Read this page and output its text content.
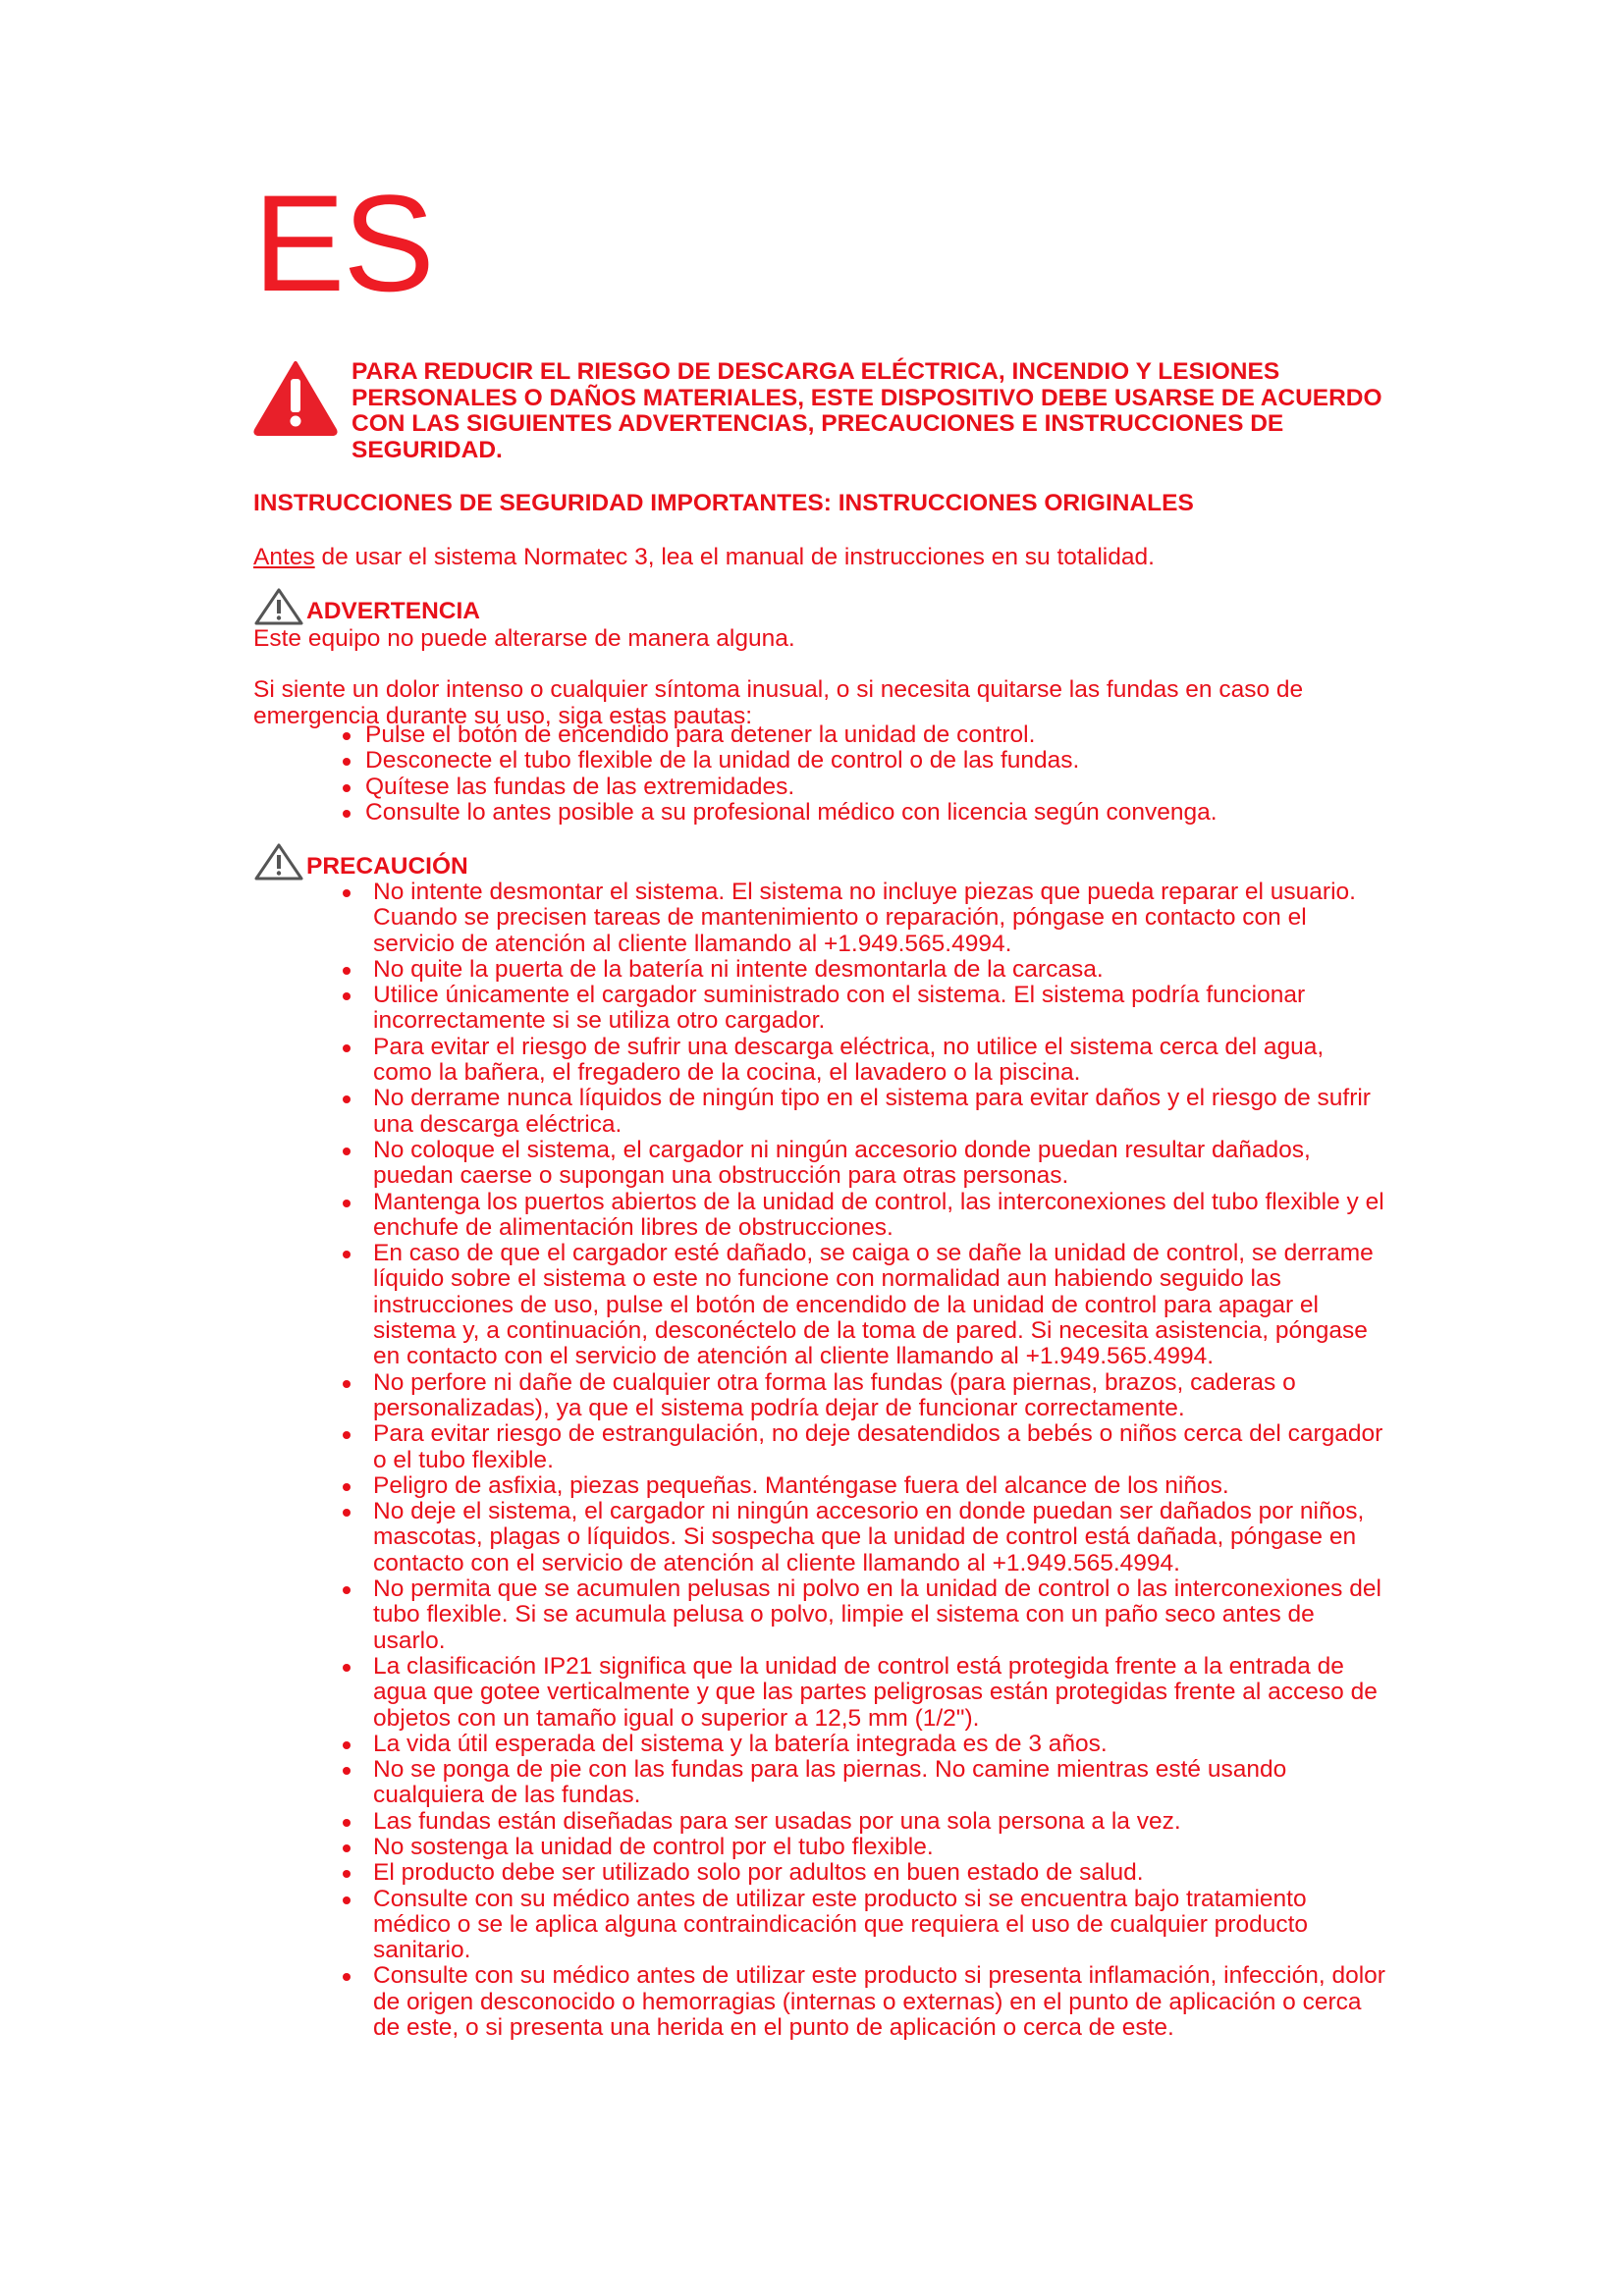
ES
PARA REDUCIR EL RIESGO DE DESCARGA ELÉCTRICA, INCENDIO Y LESIONES PERSONALES O DAÑOS MATERIALES, ESTE DISPOSITIVO DEBE USARSE DE ACUERDO CON LAS SIGUIENTES ADVERTENCIAS, PRECAUCIONES E INSTRUCCIONES DE SEGURIDAD.
INSTRUCCIONES DE SEGURIDAD IMPORTANTES: INSTRUCCIONES ORIGINALES
Antes de usar el sistema Normatec 3, lea el manual de instrucciones en su totalidad.
ADVERTENCIA

Este equipo no puede alterarse de manera alguna.

Si siente un dolor intenso o cualquier síntoma inusual, o si necesita quitarse las fundas en caso de emergencia durante su uso, siga estas pautas:

Pulse el botón de encendido para detener la unidad de control.
Desconecte el tubo flexible de la unidad de control o de las fundas.
Quítese las fundas de las extremidades.
Consulte lo antes posible a su profesional médico con licencia según convenga.
PRECAUCIÓN
No intente desmontar el sistema. El sistema no incluye piezas que pueda reparar el usuario. Cuando se precisen tareas de mantenimiento o reparación, póngase en contacto con el servicio de atención al cliente llamando al +1.949.565.4994.
No quite la puerta de la batería ni intente desmontarla de la carcasa.
Utilice únicamente el cargador suministrado con el sistema. El sistema podría funcionar incorrectamente si se utiliza otro cargador.
Para evitar el riesgo de sufrir una descarga eléctrica, no utilice el sistema cerca del agua, como la bañera, el fregadero de la cocina, el lavadero o la piscina.
No derrame nunca líquidos de ningún tipo en el sistema para evitar daños y el riesgo de sufrir una descarga eléctrica.
No coloque el sistema, el cargador ni ningún accesorio donde puedan resultar dañados, puedan caerse o supongan una obstrucción para otras personas.
Mantenga los puertos abiertos de la unidad de control, las interconexiones del tubo flexible y el enchufe de alimentación libres de obstrucciones.
En caso de que el cargador esté dañado, se caiga o se dañe la unidad de control, se derrame líquido sobre el sistema o este no funcione con normalidad aun habiendo seguido las instrucciones de uso, pulse el botón de encendido de la unidad de control para apagar el sistema y, a continuación, desconéctelo de la toma de pared. Si necesita asistencia, póngase en contacto con el servicio de atención al cliente llamando al +1.949.565.4994.
No perfore ni dañe de cualquier otra forma las fundas (para piernas, brazos, caderas o personalizadas), ya que el sistema podría dejar de funcionar correctamente.
Para evitar riesgo de estrangulación, no deje desatendidos a bebés o niños cerca del cargador o el tubo flexible.
Peligro de asfixia, piezas pequeñas. Manténgase fuera del alcance de los niños.
No deje el sistema, el cargador ni ningún accesorio en donde puedan ser dañados por niños, mascotas, plagas o líquidos. Si sospecha que la unidad de control está dañada, póngase en contacto con el servicio de atención al cliente llamando al +1.949.565.4994.
No permita que se acumulen pelusas ni polvo en la unidad de control o las interconexiones del tubo flexible. Si se acumula pelusa o polvo, limpie el sistema con un paño seco antes de usarlo.
La clasificación IP21 significa que la unidad de control está protegida frente a la entrada de agua que gotee verticalmente y que las partes peligrosas están protegidas frente al acceso de objetos con un tamaño igual o superior a 12,5 mm (1/2").
La vida útil esperada del sistema y la batería integrada es de 3 años.
No se ponga de pie con las fundas para las piernas. No camine mientras esté usando cualquiera de las fundas.
Las fundas están diseñadas para ser usadas por una sola persona a la vez.
No sostenga la unidad de control por el tubo flexible.
El producto debe ser utilizado solo por adultos en buen estado de salud.
Consulte con su médico antes de utilizar este producto si se encuentra bajo tratamiento médico o se le aplica alguna contraindicación que requiera el uso de cualquier producto sanitario.
Consulte con su médico antes de utilizar este producto si presenta inflamación, infección, dolor de origen desconocido o hemorragias (internas o externas) en el punto de aplicación o cerca de este, o si presenta una herida en el punto de aplicación o cerca de este.
